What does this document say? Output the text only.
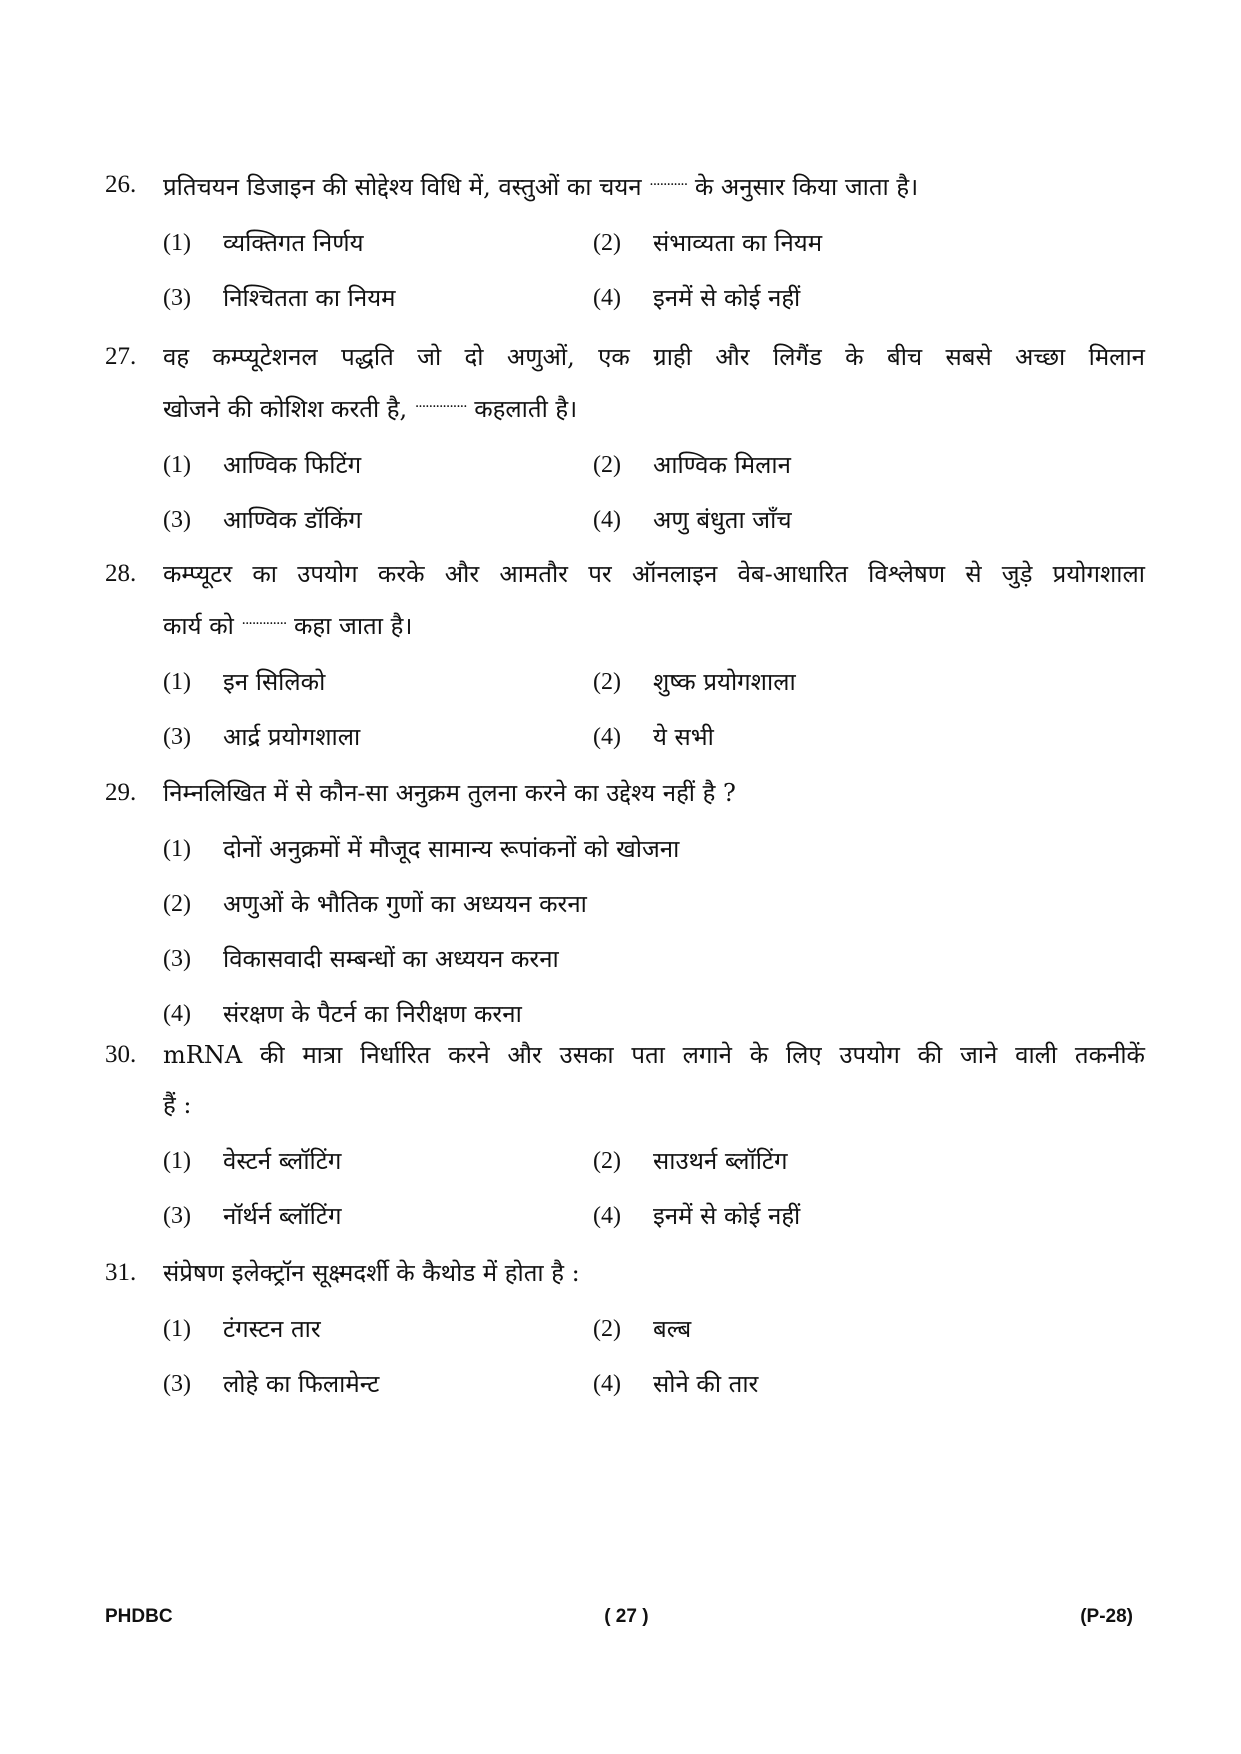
26.	प्रतिचयन डिजाइन की सोद्देश्य विधि में, वस्तुओं का चयन ··········· के अनुसार किया जाता है।
(1)	व्यक्तिगत निर्णय	(2)	संभाव्यता का नियम
(3)	निश्चितता का नियम	(4)	इनमें से कोई नहीं
27.	वह कम्प्यूटेशनल पद्धति जो दो अणुओं, एक ग्राही और लिगैंड के बीच सबसे अच्छा मिलान
खोजने की कोशिश करती है, ··············· कहलाती है।
(1)	आण्विक फिटिंग	(2)	आण्विक मिलान
(3)	आण्विक डॉकिंग	(4)	अणु बंधुता जाँच
28.	कम्प्यूटर का उपयोग करके और आमतौर पर ऑनलाइन वेब-आधारित विश्लेषण से जुड़े प्रयोगशाला
कार्य को ············· कहा जाता है।
(1)	इन सिलिको	(2)	शुष्क प्रयोगशाला
(3)	आर्द्र प्रयोगशाला	(4)	ये सभी
29.	निम्नलिखित में से कौन-सा अनुक्रम तुलना करने का उद्देश्य नहीं है ?
(1)	दोनों अनुक्रमों में मौजूद सामान्य रूपांकनों को खोजना
(2)	अणुओं के भौतिक गुणों का अध्ययन करना
(3)	विकासवादी सम्बन्धों का अध्ययन करना
(4)	संरक्षण के पैटर्न का निरीक्षण करना
30.	mRNA की मात्रा निर्धारित करने और उसका पता लगाने के लिए उपयोग की जाने वाली तकनीकें
हैं :
(1)	वेस्टर्न ब्लॉटिंग	(2)	साउथर्न ब्लॉटिंग
(3)	नॉर्थर्न ब्लॉटिंग	(4)	इनमें से कोई नहीं
31.	संप्रेषण इलेक्ट्रॉन सूक्ष्मदर्शी के कैथोड में होता है :
(1)	टंगस्टन तार	(2)	बल्ब
(3)	लोहे का फिलामेन्ट	(4)	सोने की तार
PHDBC	( 27 )	(P-28)
